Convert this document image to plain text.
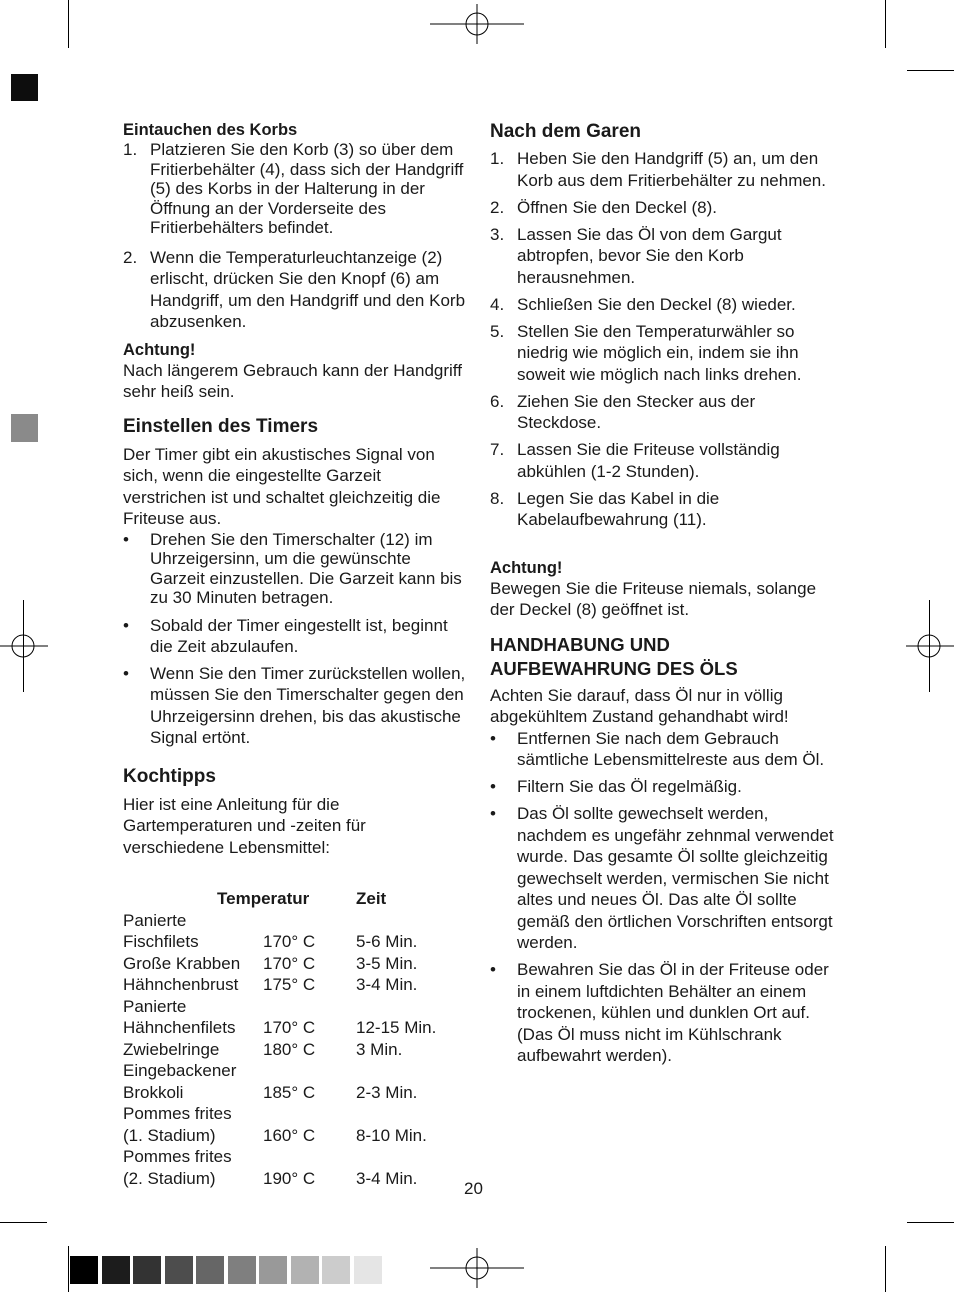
Eintauchen des Korbs
1. Platzieren Sie den Korb (3) so über dem Fritierbehälter (4), dass sich der Handgriff (5) des Korbs in der Halterung in der Öffnung an der Vorderseite des Fritierbehälters befindet.
2. Wenn die Temperaturleuchtanzeige (2) erlischt, drücken Sie den Knopf (6) am Handgriff, um den Handgriff und den Korb abzusenken.
Achtung!

Nach längerem Gebrauch kann der Handgriff sehr heiß sein.

Einstellen des Timers

Der Timer gibt ein akustisches Signal von sich, wenn die eingestellte Garzeit verstrichen ist und schaltet gleichzeitig die Friteuse aus.

• Drehen Sie den Timerschalter (12) im Uhrzeigersinn, um die gewünschte Garzeit einzustellen. Die Garzeit kann bis zu 30 Minuten betragen.
• Sobald der Timer eingestellt ist, beginnt die Zeit abzulaufen.
• Wenn Sie den Timer zurückstellen wollen, müssen Sie den Timerschalter gegen den Uhrzeigersinn drehen, bis das akustische Signal ertönt.
Kochtipps

Hier ist eine Anleitung für die Gartemperaturen und -zeiten für verschiedene Lebensmittel:

Temperatur	Zeit
Panierte
Fischfilets	170° C	5-6 Min.
Große Krabben	170° C	3-5 Min.
Hähnchenbrust	175° C	3-4 Min.
Panierte
Hähnchenfilets	170° C	12-15 Min.
Zwiebelringe	180° C	3 Min.
Eingebackener
Brokkoli	185° C	2-3 Min.
Pommes frites
(1. Stadium)	160° C	8-10 Min.
Pommes frites
(2. Stadium)	190° C	3-4 Min.
Nach dem Garen
1. Heben Sie den Handgriff (5) an, um den Korb aus dem Fritierbehälter zu nehmen.
2. Öffnen Sie den Deckel (8).
3. Lassen Sie das Öl von dem Gargut abtropfen, bevor Sie den Korb herausnehmen.
4. Schließen Sie den Deckel (8) wieder.
5. Stellen Sie den Temperaturwähler so niedrig wie möglich ein, indem sie ihn soweit wie möglich nach links drehen.
6. Ziehen Sie den Stecker aus der Steckdose.
7. Lassen Sie die Friteuse vollständig abkühlen (1-2 Stunden).
8. Legen Sie das Kabel in die Kabelaufbewahrung (11).
Achtung!

Bewegen Sie die Friteuse niemals, solange der Deckel (8) geöffnet ist.

HANDHABUNG UND
AUFBEWAHRUNG DES ÖLS

Achten Sie darauf, dass Öl nur in völlig abgekühltem Zustand gehandhabt wird!

• Entfernen Sie nach dem Gebrauch sämtliche Lebensmittelreste aus dem Öl.
• Filtern Sie das Öl regelmäßig.
• Das Öl sollte gewechselt werden, nachdem es ungefähr zehnmal verwendet wurde. Das gesamte Öl sollte gleichzeitig gewechselt werden, vermischen Sie nicht altes und neues Öl. Das alte Öl sollte gemäß den örtlichen Vorschriften entsorgt werden.
• Bewahren Sie das Öl in der Friteuse oder in einem luftdichten Behälter an einem trockenen, kühlen und dunklen Ort auf. (Das Öl muss nicht im Kühlschrank aufbewahrt werden).
20
